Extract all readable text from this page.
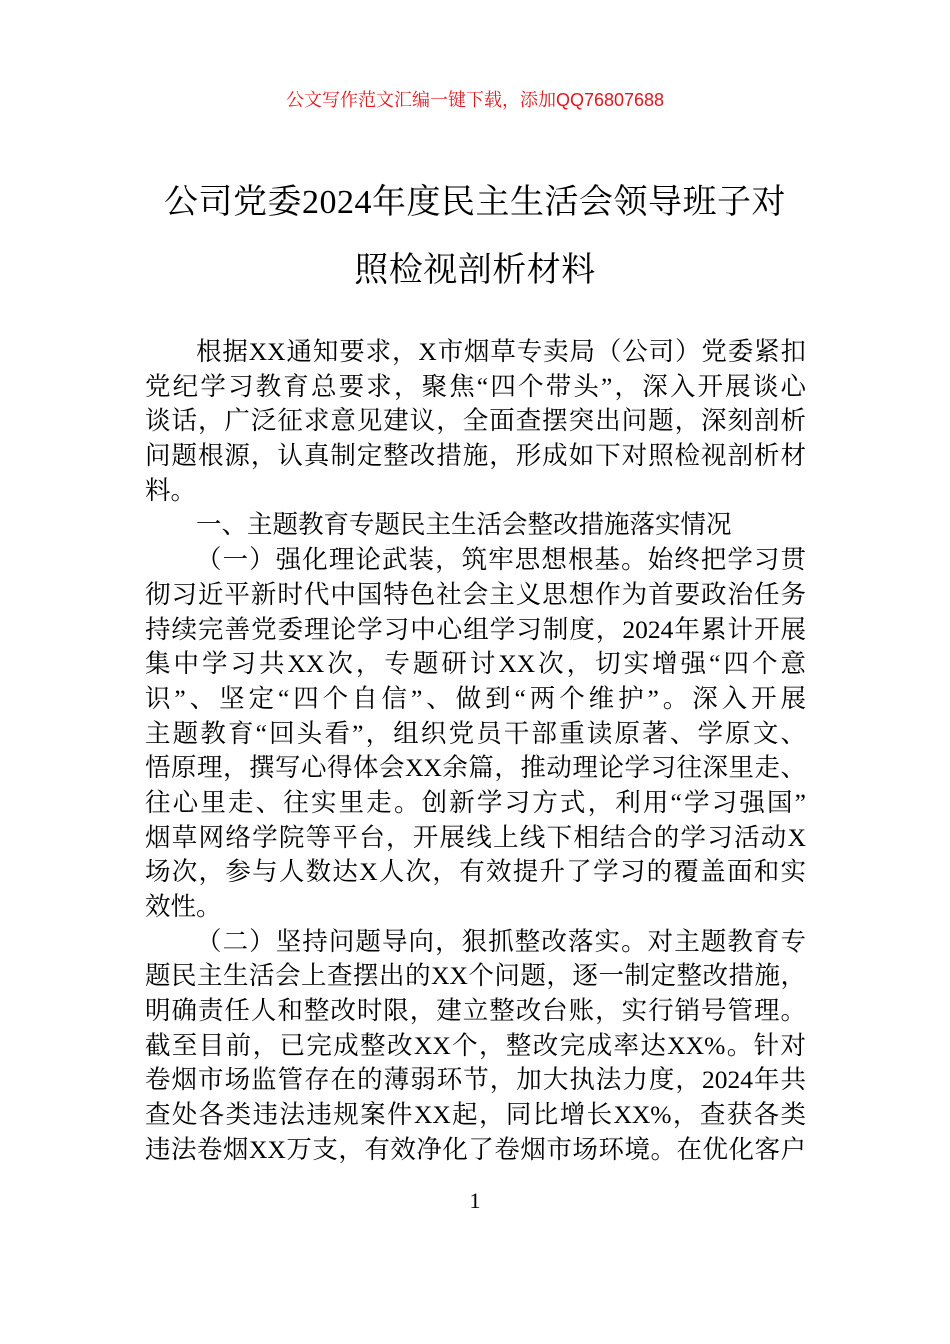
公文写作范文汇编一键下载，添加QQ76807688
公司党委2024年度民主生活会领导班子对
照检视剖析材料
根据XX通知要求，X市烟草专卖局（公司）党委紧扣
党纪学习教育总要求，聚焦“四个带头”，深入开展谈心
谈话，广泛征求意见建议，全面查摆突出问题，深刻剖析
问题根源，认真制定整改措施，形成如下对照检视剖析材
料。
一、主题教育专题民主生活会整改措施落实情况
（一）强化理论武装，筑牢思想根基。始终把学习贯
彻习近平新时代中国特色社会主义思想作为首要政治任务
持续完善党委理论学习中心组学习制度，2024年累计开展
集中学习共XX次，专题研讨XX次，切实增强“四个意
识”、坚定“四个自信”、做到“两个维护”。深入开展
主题教育“回头看”，组织党员干部重读原著、学原文、
悟原理，撰写心得体会XX余篇，推动理论学习往深里走、
往心里走、往实里走。创新学习方式，利用“学习强国”
烟草网络学院等平台，开展线上线下相结合的学习活动X
场次，参与人数达X人次，有效提升了学习的覆盖面和实
效性。
（二）坚持问题导向，狠抓整改落实。对主题教育专
题民主生活会上查摆出的XX个问题，逐一制定整改措施，
明确责任人和整改时限，建立整改台账，实行销号管理。
截至目前，已完成整改XX个，整改完成率达XX%。针对
卷烟市场监管存在的薄弱环节，加大执法力度，2024年共
查处各类违法违规案件XX起，同比增长XX%，查获各类
违法卷烟XX万支，有效净化了卷烟市场环境。在优化客户
1
